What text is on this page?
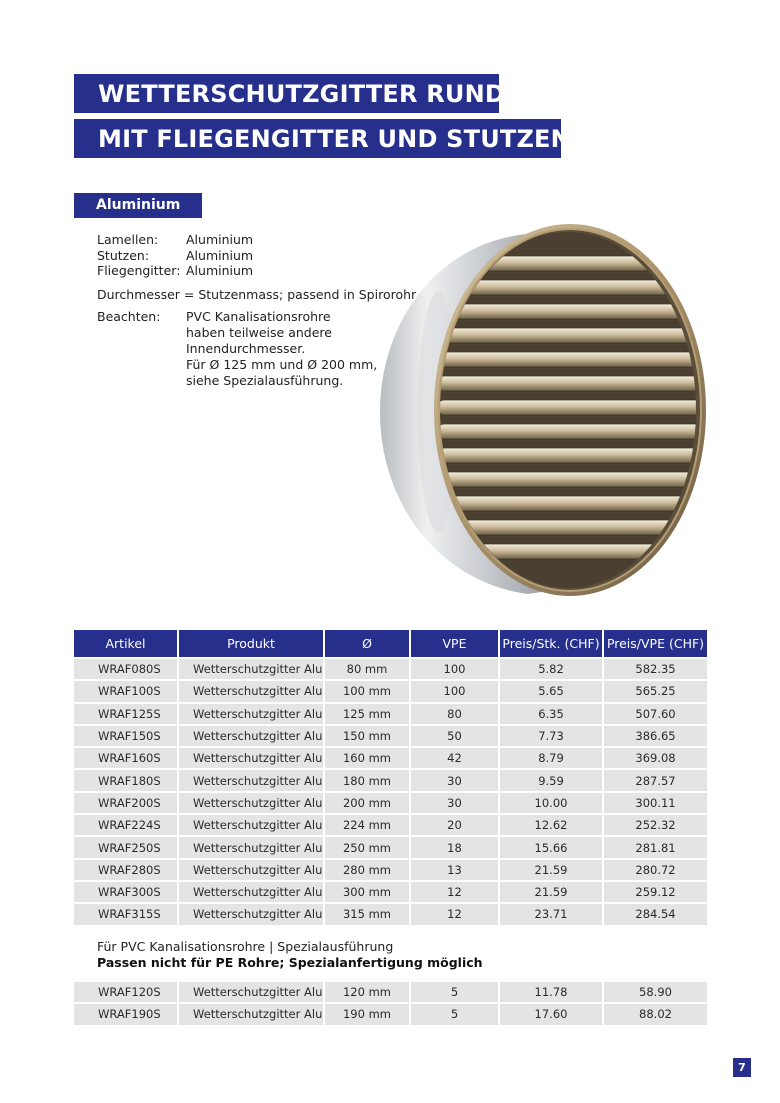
WETTERSCHUTZGITTER RUND
MIT FLIEGENGITTER UND STUTZEN
Aluminium
Lamellen: Aluminium
Stutzen:	Aluminium
Fliegengitter: Aluminium
Durchmesser = Stutzenmass; passend in Spirorohr
Beachten: PVC Kanalisationsrohre
haben teilweise andere
Innendurchmesser.
Für Ø 125 mm und Ø 200 mm,
siehe Spezialausführung.
Artikel	Produkt	Ø	VPE	Preis/Stk. (CHF)	Preis/VPE (CHF)
WRAF080S	Wetterschutzgitter Alu	80 mm	100	5.82	582.35
WRAF100S	Wetterschutzgitter Alu	100 mm	100	5.65	565.25
WRAF125S	Wetterschutzgitter Alu	125 mm	80	6.35	507.60
WRAF150S	Wetterschutzgitter Alu	150 mm	50	7.73	386.65
WRAF160S	Wetterschutzgitter Alu	160 mm	42	8.79	369.08
WRAF180S	Wetterschutzgitter Alu	180 mm	30	9.59	287.57
WRAF200S	Wetterschutzgitter Alu	200 mm	30	10.00	300.11
WRAF224S	Wetterschutzgitter Alu	224 mm	20	12.62	252.32
WRAF250S	Wetterschutzgitter Alu	250 mm	18	15.66	281.81
WRAF280S	Wetterschutzgitter Alu	280 mm	13	21.59	280.72
WRAF300S	Wetterschutzgitter Alu	300 mm	12	21.59	259.12
WRAF315S	Wetterschutzgitter Alu	315 mm	12	23.71	284.54
Für PVC Kanalisationsrohre | Spezialausführung
Passen nicht für PE Rohre; Spezialanfertigung möglich
WRAF120S	Wetterschutzgitter Alu	120 mm	5	11.78	58.90
WRAF190S	Wetterschutzgitter Alu	190 mm	5	17.60	88.02
7
